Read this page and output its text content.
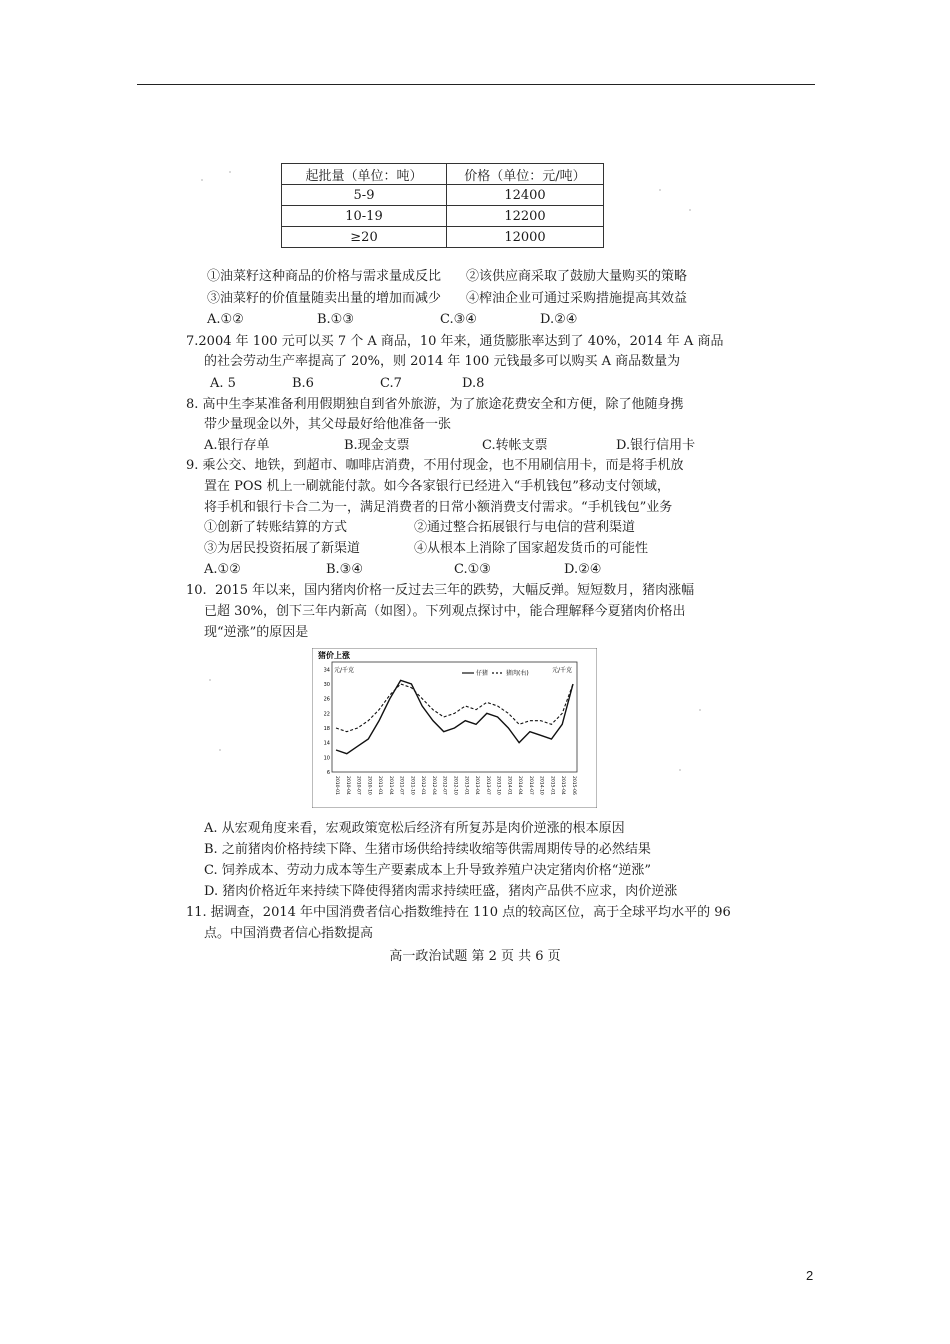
起批量（单位：吨）	价格（单位：元/吨）
5-9	12400
10-19	12200
≥20	12000
①油菜籽这种商品的价格与需求量成反比 ②该供应商采取了鼓励大量购买的策略
③油菜籽的价值量随卖出量的增加而减少 ④榨油企业可通过采购措施提高其效益
A.①②	B.①③	C.③④	D.②④
7.2004 年 100 元可以买 7 个 A 商品，10 年来，通货膨胀率达到了 40%，2014 年 A 商品
的社会劳动生产率提高了 20%，则 2014 年 100 元钱最多可以购买 A 商品数量为
A. 5	B.6	C.7	D.8
8. 高中生李某准备利用假期独自到省外旅游，为了旅途花费安全和方便，除了他随身携
带少量现金以外，其父母最好给他准备一张
A.银行存单	B.现金支票	C.转帐支票	D.银行信用卡
9. 乘公交、地铁，到超市、咖啡店消费，不用付现金，也不用刷信用卡，而是将手机放
置在 POS 机上一刷就能付款。如今各家银行已经进入“手机钱包”移动支付领域，
将手机和银行卡合二为一，满足消费者的日常小额消费支付需求。“手机钱包”业务
①创新了转账结算的方式	②通过整合拓展银行与电信的营利渠道
③为居民投资拓展了新渠道	④从根本上消除了国家超发货币的可能性
A.①②	B.③④	C.①③	D.②④
10.  2015 年以来，国内猪肉价格一反过去三年的跌势，大幅反弹。短短数月，猪肉涨幅
已超 30%，创下三年内新高（如图）。下列观点探讨中，能合理解释今夏猪肉价格出
现“逆涨”的原因是
猪价上涨
元/千克	元/千克
仔猪	猪肉(右)
6
10
14
18
22
26
30
34
2010-01 2010-04 2010-07 2010-10 2011-01 2011-04 2011-07 2011-10 2012-01 2012-04 2012-07 2012-10 2013-01 2013-04 2013-07 2013-10 2014-01 2014-04 2014-07 2014-10 2015-01 2015-04 2015-06
A. 从宏观角度来看，宏观政策宽松后经济有所复苏是肉价逆涨的根本原因
B. 之前猪肉价格持续下降、生猪市场供给持续收缩等供需周期传导的必然结果
C. 饲养成本、劳动力成本等生产要素成本上升导致养殖户决定猪肉价格“逆涨”
D. 猪肉价格近年来持续下降使得猪肉需求持续旺盛，猪肉产品供不应求，肉价逆涨
11. 据调查，2014 年中国消费者信心指数维持在 110 点的较高区位，高于全球平均水平的 96
点。中国消费者信心指数提高
高一政治试题 第 2 页 共 6 页
2
